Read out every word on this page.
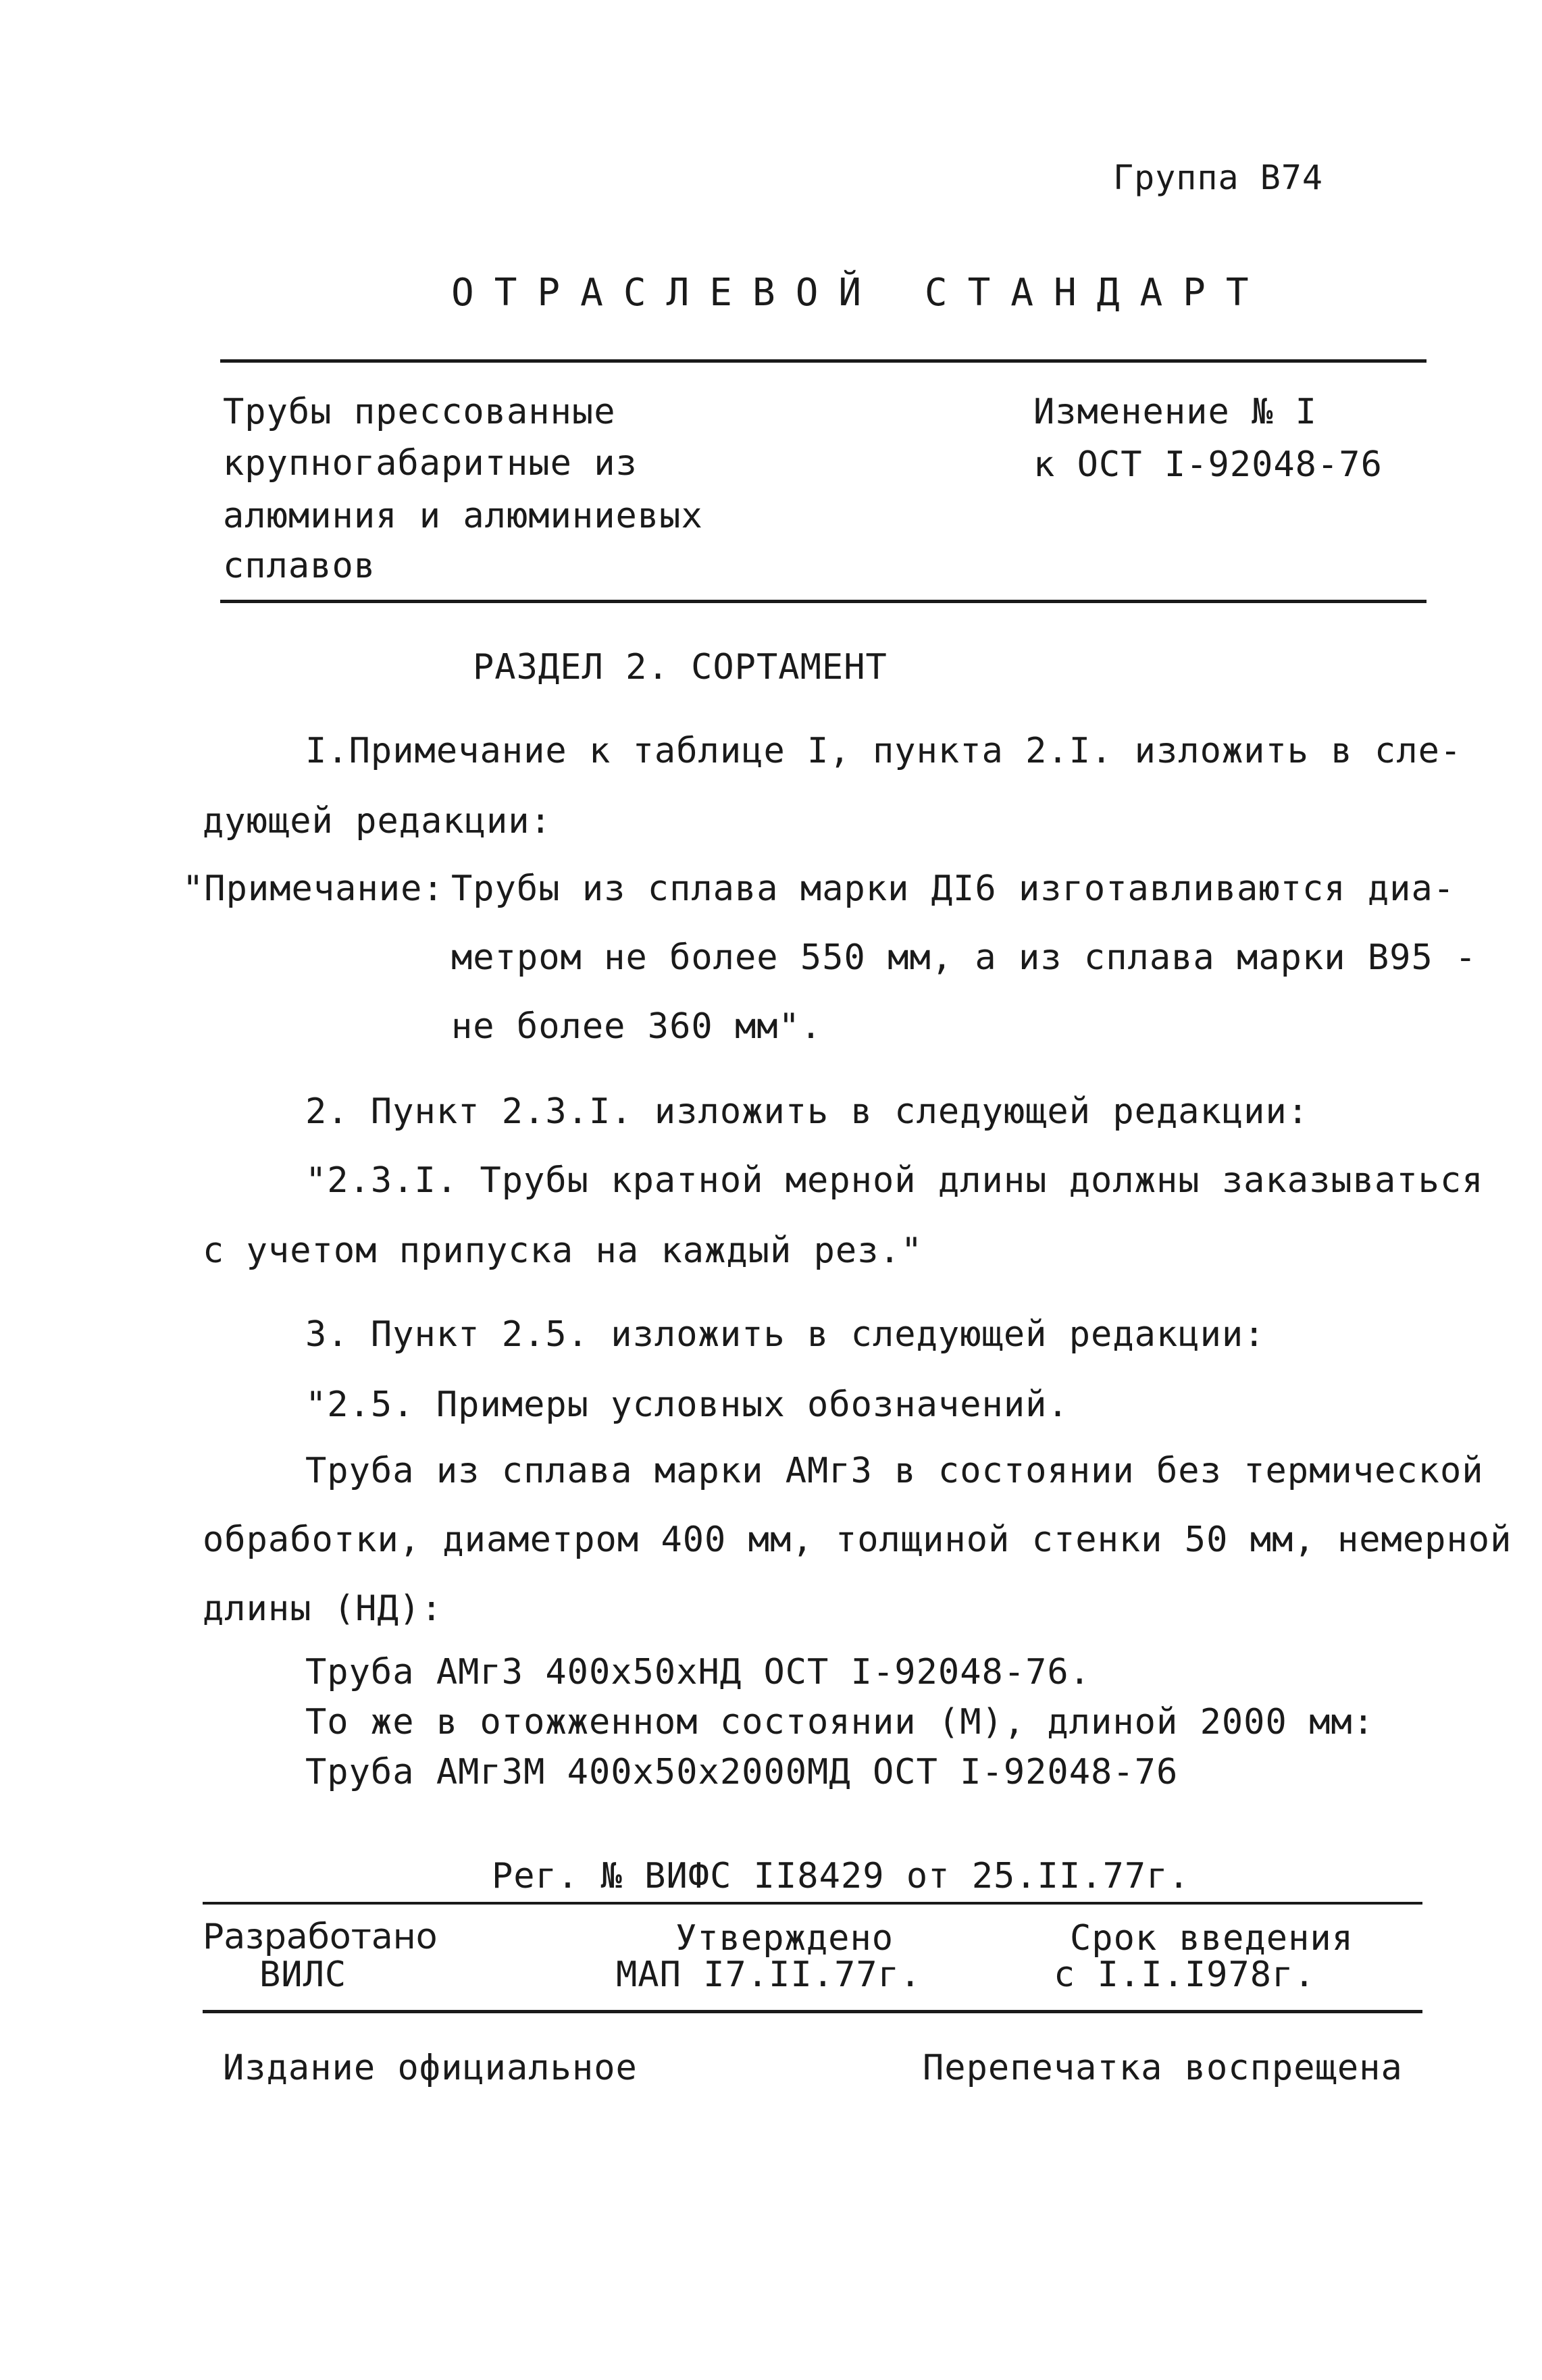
Группа В74
ОТРАСЛЕВОЙ СТАНДАРТ
Трубы прессованные
крупногабаритные из
алюминия и алюминиевых
сплавов
Изменение № I
к ОСТ I-92048-76
РАЗДЕЛ 2. СОРТАМЕНТ
I.Примечание к таблице I, пункта 2.I. изложить в сле-
дующей редакции:
"Примечание: Трубы из сплава марки ДI6 изготавливаются диа-
метром не более 550 мм, а из сплава марки В95 -
не более 360 мм".
2. Пункт 2.3.I. изложить в следующей редакции:
"2.3.I. Трубы кратной мерной длины должны заказываться
с учетом припуска на каждый рез."
3. Пункт 2.5. изложить в следующей редакции:
"2.5. Примеры условных обозначений.
Труба из сплава марки АМг3 в состоянии без термической
обработки, диаметром 400 мм, толщиной стенки 50 мм, немерной
длины (НД):
Труба АМг3 400х50хНД ОСТ I-92048-76.
То же в отожженном состоянии (М), длиной 2000 мм:
Труба АМг3М 400х50х2000МД ОСТ I-92048-76
Рег. № ВИФС II8429 от 25.II.77г.
Разработано
ВИЛС
Утверждено
МАП I7.II.77г.
Срок введения
с I.I.I978г.
Издание официальное	Перепечатка воспрещена
